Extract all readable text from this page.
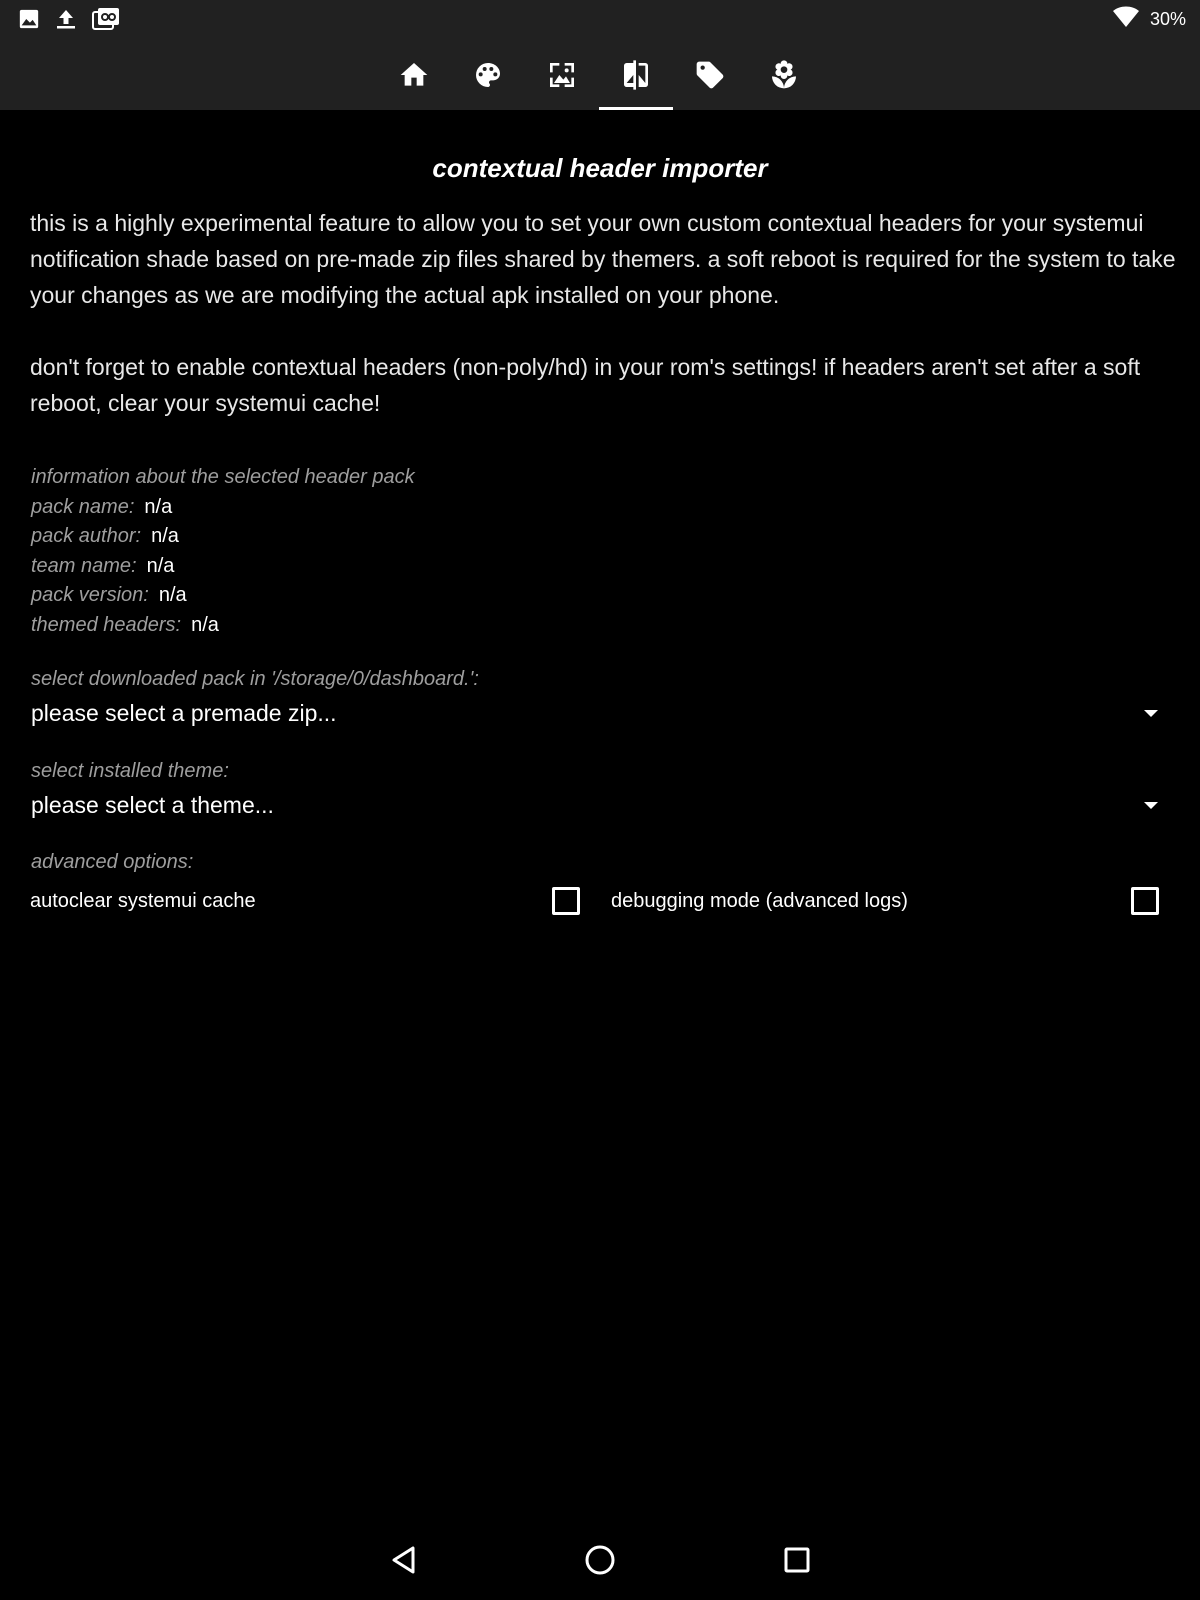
30%
contextual header importer

this is a highly experimental feature to allow you to set your own custom contextual headers for your systemui notification shade based on pre-made zip files shared by themers. a soft reboot is required for the system to take your changes as we are modifying the actual apk installed on your phone.

don't forget to enable contextual headers (non-poly/hd) in your rom's settings! if headers aren't set after a soft reboot, clear your systemui cache!

information about the selected header pack
pack name: n/a
pack author: n/a
team name: n/a
pack version: n/a
themed headers: n/a
select downloaded pack in '/storage/0/dashboard.':
please select a premade zip...
select installed theme:
please select a theme...
advanced options:
autoclear systemui cache	debugging mode (advanced logs)
